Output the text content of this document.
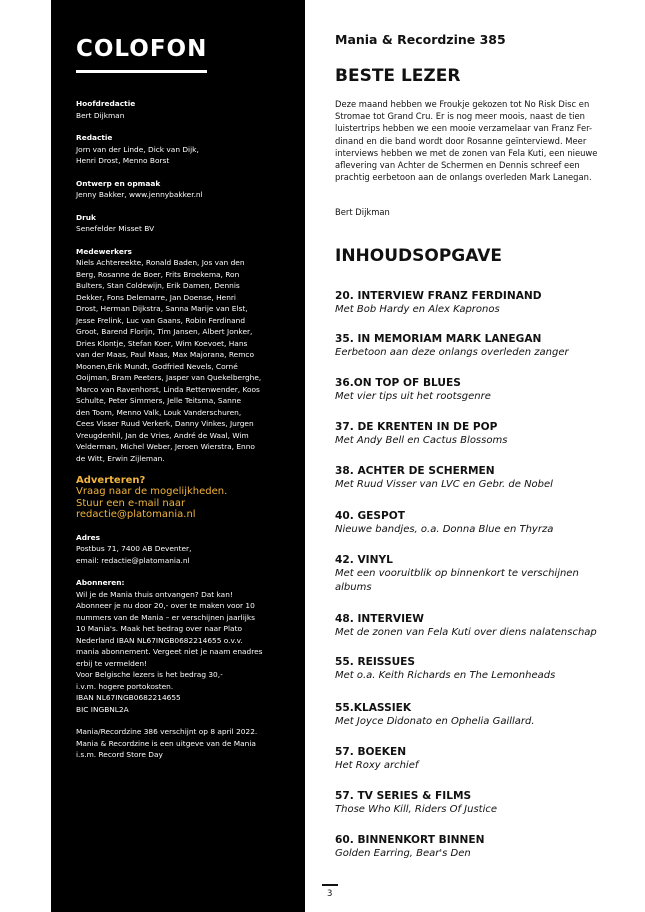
COLOFON
Hoofdredactie
Bert Dijkman
Redactie
Jorn van der Linde, Dick van Dijk,
Henri Drost, Menno Borst
Ontwerp en opmaak
Jenny Bakker, www.jennybakker.nl
Druk
Senefelder Misset BV
Medewerkers
Niels Achtereekte, Ronald Baden, Jos van den
Berg, Rosanne de Boer, Frits Broekema, Ron
Bulters, Stan Coldewijn, Erik Damen, Dennis
Dekker, Fons Delemarre, Jan Doense, Henri
Drost, Herman Dijkstra, Sanna Marije van Elst,
Jesse Frelink, Luc van Gaans, Robin Ferdinand
Groot, Barend Florijn, Tim Jansen, Albert Jonker,
Dries Klontje, Stefan Koer, Wim Koevoet, Hans
van der Maas, Paul Maas, Max Majorana, Remco
Moonen,Erik Mundt, Godfried Nevels, Corné
Ooijman, Bram Peeters, Jasper van Quekelberghe,
Marco van Ravenhorst, Linda Rettenwender, Koos
Schulte, Peter Simmers, Jelle Teitsma, Sanne
den Toom, Menno Valk, Louk Vanderschuren,
Cees Visser Ruud Verkerk, Danny Vinkes, Jurgen
Vreugdenhil, Jan de Vries, André de Waal, Wim
Velderman, Michel Weber, Jeroen Wierstra, Enno
de Witt, Erwin Zijleman.
Adverteren?
Vraag naar de mogelijkheden.
Stuur een e-mail naar
redactie@platomania.nl
Adres
Postbus 71, 7400 AB Deventer,
email: redactie@platomania.nl
Abonneren:
Wil je de Mania thuis ontvangen? Dat kan!
Abonneer je nu door 20,- over te maken voor 10
nummers van de Mania – er verschijnen jaarlijks
10 Mania's. Maak het bedrag over naar Plato
Nederland IBAN NL67INGB0682214655 o.v.v.
mania abonnement. Vergeet niet je naam enadres
erbij te vermelden!
Voor Belgische lezers is het bedrag 30,-
i.v.m. hogere portokosten.
IBAN NL67INGB0682214655
BIC INGBNL2A
Mania/Recordzine 386 verschijnt op 8 april 2022.
Mania & Recordzine is een uitgeve van de Mania
i.s.m. Record Store Day
Mania & Recordzine 385
BESTE LEZER

Deze maand hebben we Froukje gekozen tot No Risk Disc en
Stromae tot Grand Cru. Er is nog meer moois, naast de tien
luistertrips hebben we een mooie verzamelaar van Franz Fer-
dinand en die band wordt door Rosanne geïnterviewd. Meer
interviews hebben we met de zonen van Fela Kuti, een nieuwe
aflevering van Achter de Schermen en Dennis schreef een
prachtig eerbetoon aan de onlangs overleden Mark Lanegan.

Bert Dijkman
INHOUDSOPGAVE
20. INTERVIEW FRANZ FERDINAND
Met Bob Hardy en Alex Kapronos
35. IN MEMORIAM MARK LANEGAN
Eerbetoon aan deze onlangs overleden zanger
36.ON TOP OF BLUES
Met vier tips uit het rootsgenre
37. DE KRENTEN IN DE POP
Met Andy Bell en Cactus Blossoms
38. ACHTER DE SCHERMEN
Met Ruud Visser van LVC en Gebr. de Nobel
40. GESPOT
Nieuwe bandjes, o.a. Donna Blue en Thyrza
42. VINYL
Met een vooruitblik op binnenkort te verschijnen
albums
48. INTERVIEW
Met de zonen van Fela Kuti over diens nalatenschap
55. REISSUES
Met o.a. Keith Richards en The Lemonheads
55.KLASSIEK
Met Joyce Didonato en Ophelia Gaillard.
57. BOEKEN
Het Roxy archief
57. TV SERIES & FILMS
Those Who Kill, Riders Of Justice
60. BINNENKORT BINNEN
Golden Earring, Bear's Den
3
